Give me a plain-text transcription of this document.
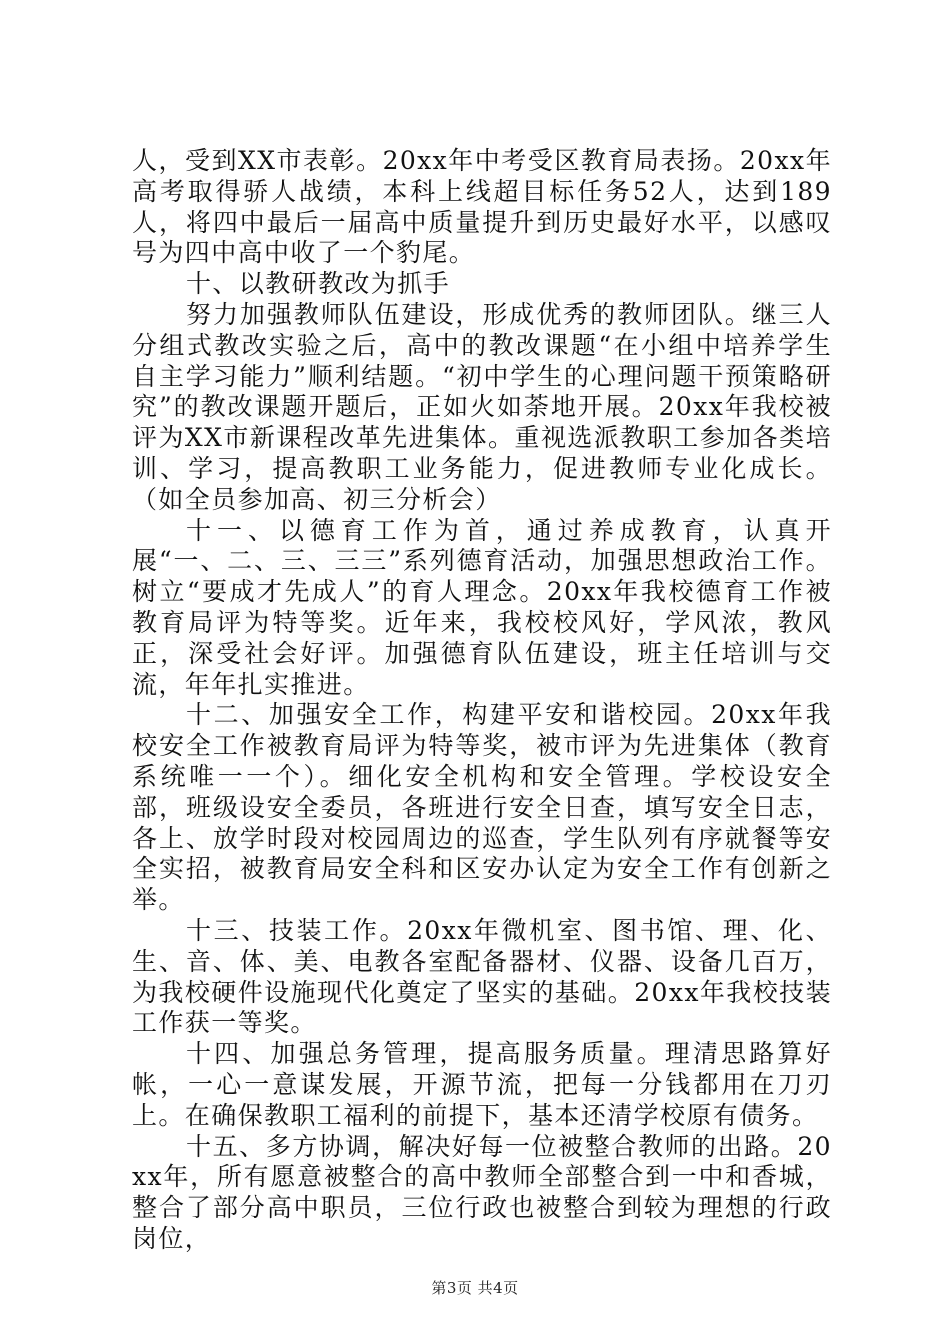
人，受到XX市表彰。20xx年中考受区教育局表扬。20xx年高考取得骄人战绩，本科上线超目标任务52人，达到189人，将四中最后一届高中质量提升到历史最好水平，以感叹号为四中高中收了一个豹尾。

十、以教研教改为抓手

努力加强教师队伍建设，形成优秀的教师团队。继三人分组式教改实验之后，高中的教改课题“在小组中培养学生自主学习能力”顺利结题。“初中学生的心理问题干预策略研究”的教改课题开题后，正如火如荼地开展。20xx年我校被评为XX市新课程改革先进集体。重视选派教职工参加各类培训、学习，提高教职工业务能力，促进教师专业化成长。（如全员参加高、初三分析会）

十一、以德育工作为首，通过养成教育，认真开展“一、二、三、三三”系列德育活动，加强思想政治工作。树立“要成才先成人”的育人理念。20xx年我校德育工作被教育局评为特等奖。近年来，我校校风好，学风浓，教风正，深受社会好评。加强德育队伍建设，班主任培训与交流，年年扎实推进。

十二、加强安全工作，构建平安和谐校园。20xx年我校安全工作被教育局评为特等奖，被市评为先进集体（教育系统唯一一个）。细化安全机构和安全管理。学校设安全部，班级设安全委员，各班进行安全日查，填写安全日志，各上、放学时段对校园周边的巡查，学生队列有序就餐等安全实招，被教育局安全科和区安办认定为安全工作有创新之举。

十三、技装工作。20xx年微机室、图书馆、理、化、生、音、体、美、电教各室配备器材、仪器、设备几百万，为我校硬件设施现代化奠定了坚实的基础。20xx年我校技装工作获一等奖。

十四、加强总务管理，提高服务质量。理清思路算好帐，一心一意谋发展，开源节流，把每一分钱都用在刀刃上。在确保教职工福利的前提下，基本还清学校原有债务。

十五、多方协调，解决好每一位被整合教师的出路。20xx年，所有愿意被整合的高中教师全部整合到一中和香城，整合了部分高中职员，三位行政也被整合到较为理想的行政岗位，

第3页 共4页
